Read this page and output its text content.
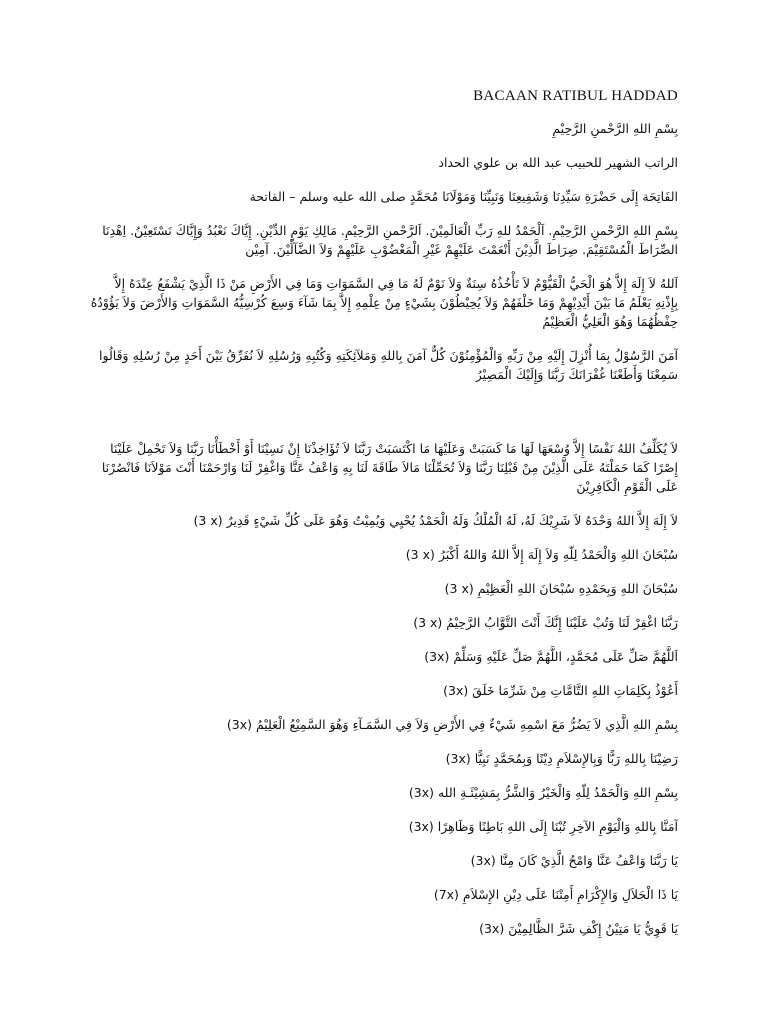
BACAAN RATIBUL HADDAD

بِسْمِ اللهِ الرَّحْمنِ الرَّحِيْمِ

الراتب الشهير للحبيب عبد الله بن علوي الحداد

الفَاتِحَة إِلَى حَضْرَةِ سَيِّدِنَا وَشَفِيعِنَا وَنَبِيِّنَا وَمَوْلَانَا مُحَمَّدٍ صلى الله عليه وسلم – الفاتحة

بِسْمِ اللهِ الرَّحْمنِ الرَّحِيْمِ. اَلْحَمْدُ للهِ رَبِّ الْعَالَمِيْنَ. اَلرَّحْمنِ الرَّحِيْمِ. مَالِكِ يَوْمِ الدِّيْنِ. إِيَّاكَ نَعْبُدُ وَإِيَّاكَ نَسْتَعِيْنُ. اِهْدِنَا الصِّرَاطَ الْمُسْتَقِيْمَ. صِرَاطَ الَّذِيْنَ أَنْعَمْتَ عَلَيْهِمْ غَيْرِ الْمَغْضُوْبِ عَلَيْهِمْ وَلاَ الضَّآلِّيْنَ. آمِيْن

اَللهُ لاَ إِلَهَ إِلاَّ هُوَ الْحَيُّ الْقَيُّوْمُ لاَ تَأْخُذُهُ سِنَةٌ وَلاَ نَوْمٌ لَهُ مَا فِي السَّمَوَاتِ وَمَا فِي الأَرْضِ مَنْ ذَا الَّذِيْ يَشْفَعُ عِنْدَهُ إِلاَّ بِإِذْنِهِ يَعْلَمُ مَا بَيْنَ أَيْدِيْهِمْ وَمَا خَلْفَهُمْ وَلاَ يُحِيْطُوْنَ بِشَيْءٍ مِنْ عِلْمِهِ إِلاَّ بِمَا شَآءَ وَسِعَ كُرْسِيُّهُ السَّمَوَاتِ وَالأَرْضَ وَلاَ يَؤُوْدُهُ حِفْظُهُمَا وَهُوَ الْعَلِيُّ الْعَظِيْمُ

آمَنَ الرَّسُوْلُ بِمَا أُنْزِلَ إِلَيْهِ مِنْ رَبِّهِ وَالْمُؤْمِنُوْنَ كُلٌّ آمَنَ بِاللهِ وَمَلآئِكَتِهِ وَكُتُبِهِ وَرُسُلِهِ لاَ نُفَرِّقُ بَيْنَ أَحَدٍ مِنْ رُسُلِهِ وَقَالُوا سَمِعْنَا وَأَطَعْنَا غُفْرَانَكَ رَبَّنَا وَإِلَيْكَ الْمَصِيْرُ

لاَ يُكَلِّفُ اللهُ نَفْسًا إِلاَّ وُسْعَهَا لَهَا مَا كَسَبَتْ وَعَلَيْهَا مَا اكْتَسَبَتْ رَبَّنَا لاَ تُؤَاخِذْنَا إِنْ نَسِيْنَا أَوْ أَخْطَأْنَا رَبَّنَا وَلاَ تَحْمِلْ عَلَيْنَا إِصْرًا كَمَا حَمَلْتَهُ عَلَى الَّذِيْنَ مِنْ قَبْلِنَا رَبَّنَا وَلاَ تُحَمِّلْنَا مَالاَ طَاقَةَ لَنَا بِهِ وَاعْفُ عَنَّا وَاغْفِرْ لَنَا وَارْحَمْنَا أَنْتَ مَوْلاَنَا فَانْصُرْنَا عَلَى الْقَوْمِ الْكَافِرِيْنَ

(3 x) لاَ إِلَهَ إِلاَّ اللهُ وَحْدَهُ لاَ شَرِيْكَ لَهُ، لَهُ الْمُلْكُ وَلَهُ الْحَمْدُ يُحْيِي وَيُمِيْتُ وَهُوَ عَلَى كُلِّ شَيْءٍ قَدِيرٌ

(3 x) سُبْحَانَ اللهِ وَالْحَمْدُ لِلّهِ وَلاَ إِلَهَ إِلاَّ اللهُ وَاللهُ أَكْبَرُ

(3 x) سُبْحَانَ اللهِ وَبِحَمْدِهِ سُبْحَانَ اللهِ الْعَظِيْمِ

(3 x) رَبَّنَا اغْفِرْ لَنَا وَتُبْ عَلَيْنَا إِنَّكَ أَنْتَ التَّوَّابُ الرَّحِيْمُ

(3x) اَللَّهُمَّ صَلِّ عَلَى مُحَمَّدٍ، اللَّهُمَّ صَلِّ عَلَيْهِ وَسَلِّمْ

(3x) أَعُوْذُ بِكَلِمَاتِ اللهِ التَّامَّاتِ مِنْ شَرِّمَا خَلَقَ

(3x) بِسْمِ اللهِ الَّذِي لاَ يَضُرُّ مَعَ اسْمِهِ شَيْءٌ فِي الأَرْضِ وَلاَ فِي السَّمَـآءِ وَهُوَ السَّمِيْعُ الْعَلِيْمُ

(3x) رَضِيْنَا بِاللهِ رَبًّا وَبِالإِسْلاَمِ دِيْنًا وَبِمُحَمَّدٍ نَبِيًّا

(3x) بِسْمِ اللهِ وَالْحَمْدُ لِلّهِ وَالْخَيْرُ وَالشَّرُّ بِمَشِيْئَـةِ الله

(3x) آمَنَّا بِاللهِ وَالْيَوْمِ الآخِرِ تُبْنَا إِلَى اللهِ بَاطِنًا وَظَاهِرًا

(3x) يَا رَبَّنَا وَاعْفُ عَنَّا وَامْحُ الَّذِيْ كَانَ مِنَّا

(7x) يَا ذَا الْجَلاَلِ وَالإِكْرَامِ أَمِتْنَا عَلَى دِيْنِ الإِسْلاَمِ

(3x) يَا قَوِيُّ يَا مَتِيْنُ إِكْفِ شَرَّ الظَّالِمِيْنَ
